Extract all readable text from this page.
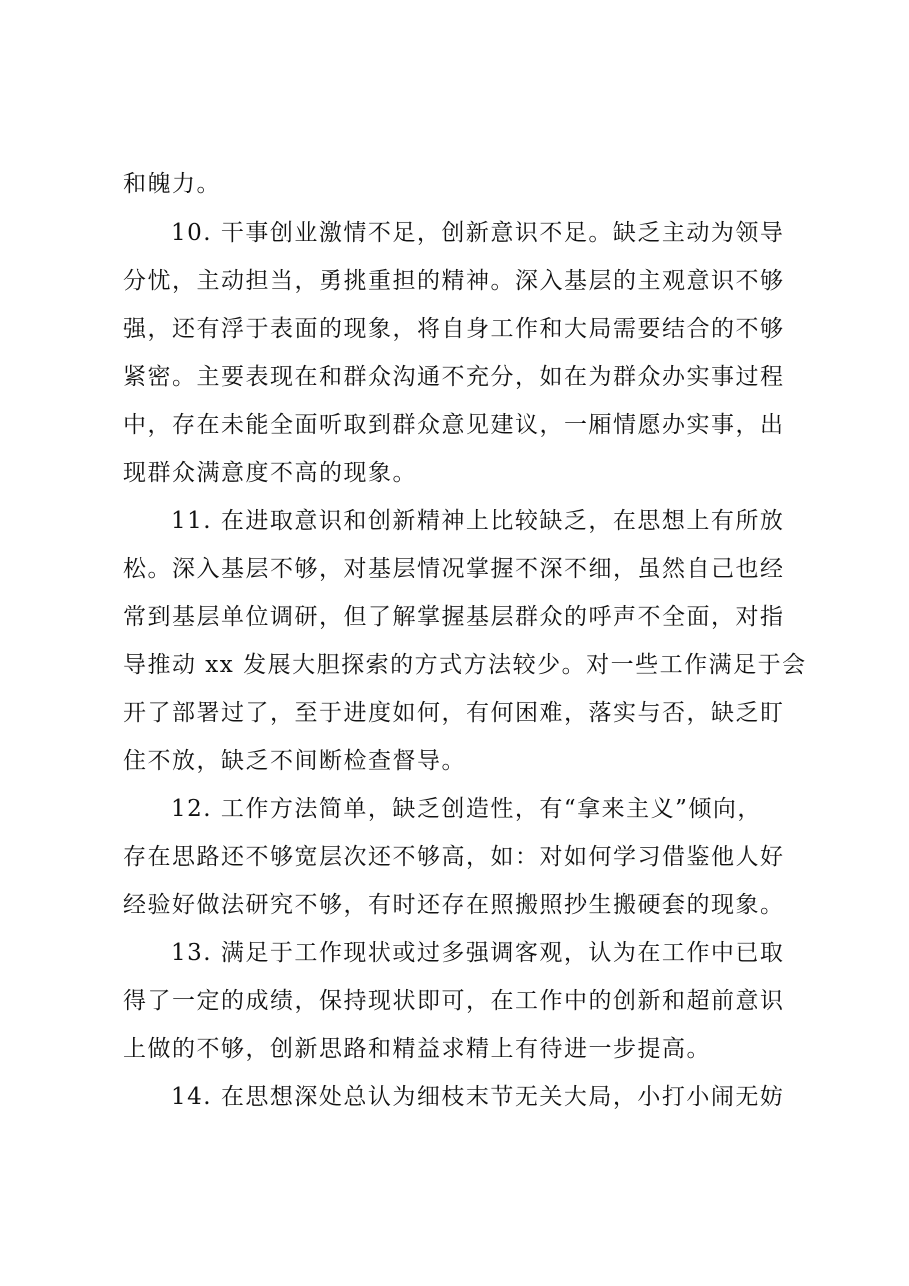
和魄力。
10. 干事创业激情不足，创新意识不足。缺乏主动为领导
分忧，主动担当，勇挑重担的精神。深入基层的主观意识不够
强，还有浮于表面的现象，将自身工作和大局需要结合的不够
紧密。主要表现在和群众沟通不充分，如在为群众办实事过程
中，存在未能全面听取到群众意见建议，一厢情愿办实事，出
现群众满意度不高的现象。
11. 在进取意识和创新精神上比较缺乏，在思想上有所放
松。深入基层不够，对基层情况掌握不深不细，虽然自己也经
常到基层单位调研，但了解掌握基层群众的呼声不全面，对指
导推动 xx 发展大胆探索的方式方法较少。对一些工作满足于会
开了部署过了，至于进度如何，有何困难，落实与否，缺乏盯
住不放，缺乏不间断检查督导。
12. 工作方法简单，缺乏创造性，有“拿来主义”倾向，
存在思路还不够宽层次还不够高，如：对如何学习借鉴他人好
经验好做法研究不够，有时还存在照搬照抄生搬硬套的现象。
13. 满足于工作现状或过多强调客观，认为在工作中已取
得了一定的成绩，保持现状即可，在工作中的创新和超前意识
上做的不够，创新思路和精益求精上有待进一步提高。
14. 在思想深处总认为细枝末节无关大局，小打小闹无妨
